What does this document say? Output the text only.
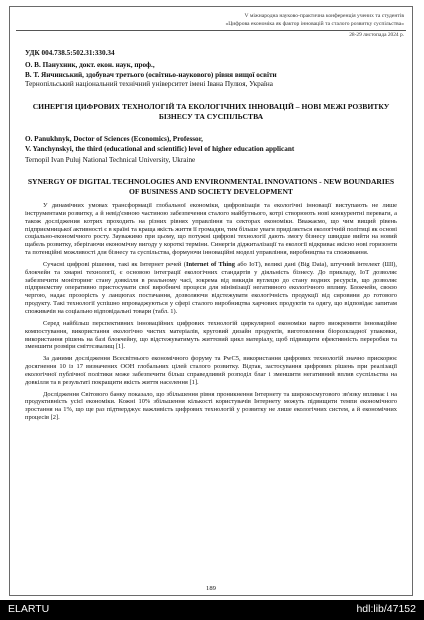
V міжнародна науково-практична конференція учених та студентів
«Цифрова економіка як фактор інновацій та сталого розвитку суспільства»
28-29 листопада 2024 р.
УДК 004.738.5:502.31:330.34
О. В. Панухник, докт. екон. наук, проф.,
В. Т. Янчинський, здобувач третього (освітньо-наукового) рівня вищої освіти
Тернопільський національний технічний університет імені Івана Пулюя, Україна
СИНЕРГІЯ ЦИФРОВИХ ТЕХНОЛОГІЙ ТА ЕКОЛОГІЧНИХ ІННОВАЦІЙ – НОВІ МЕЖІ РОЗВИТКУ БІЗНЕСУ ТА СУСПІЛЬСТВА
O. Panukhnyk, Doctor of Sciences (Economics), Professor,
V. Yanchynskyi, the third (educational and scientific) level of higher education applicant
Ternopil Ivan Puluj National Technical University, Ukraine
SYNERGY OF DIGITAL TECHNOLOGIES AND ENVIRONMENTAL INNOVATIONS - NEW BOUNDARIES OF BUSINESS AND SOCIETY DEVELOPMENT

У динамічних умовах трансформації глобальної економіки, цифровізація та екологічні інновації виступають не лише інструментами розвитку, а й невід'ємною частиною забезпечення сталого майбутнього, котрі створюють нові конкурентні переваги, а також досліджения котрих проходить на різних рівнях управління та секторах економіки. Вважаємо, що чим вищий рівень підприємницької активності є в країні та краща якість життя її громадян, тим більше уваги приділяється екологічній політиці як основі соціально-економічного росту. Зауважимо при цьому, що потужні цифрові технології дають змогу бізнесу швидше вийти на новий щабель розвитку, зберігаючи економічну вигоду у короткі терміни. Синергія діджиталізації та екології відкриває якісно нові горизонти та потенційні можливості для бізнесу та суспільства, формуючи інноваційні моделі управління, виробництва та споживання.

Сучасні цифрові рішення, такі як Інтернет речей (Internet of Thing або IoT), великі дані (Big Data), штучний інтелект (ШІ), блокчейн та хмарні технології, є основою інтеграції екологічних стандартів у діяльність бізнесу. До прикладу, IoT дозволяє забезпечити моніторинг стану довкілля в реальному часі, зокрема від викидів вуглецю до стану водних ресурсів, що дозволяє підприємству оперативно пристосувати свої виробничі процеси для мінімізації негативного екологічного впливу. Блокчейн, своєю чергою, надає прозорість у ланцюгах постачання, дозволяючи відстежувати екологічність продукції від сировини до готового продукту. Такі технології успішно впроваджуються у сфері сталого виробництва харчових продуктів та одягу, що відповідає запитам споживачів на соціально відповідальні товари (табл. 1).

Серед найбільш перспективних інноваційних цифрових технологій циркулярної економіки варто виокремити інноваційне компостування, використання екологічно чистих матеріалів, круговий дизайн продуктів, виготовлення біорозкладної упаковки, використання рішень на базі блокчейну, що відстежуватимуть життєвий цикл матеріалу, щоб підвищити ефективність переробки та зменшити розміри сміттєзвалищ [1].

За даними дослідження Всесвітнього економічного форуму та PwC5, використання цифрових технологій значно прискорює досягнення 10 із 17 визначених ООН глобальних цілей сталого розвитку. Відтак, застосування цифрових рішень при реалізації екологічної публічної політики може забезпечити більш справедливий розподіл благ і зменшити негативний вплив суспільства на довкілля та в результаті покращити якість життя населення [1].

Дослідження Світового банку показало, що збільшення рівня проникнення Інтернету та широкосмугового зв'язку впливає і на продуктивність усієї економіки. Кожні 10% збільшення кількості користувачів Інтернету можуть підвищити темпи економічного зростання на 1%, що ще раз підтверджує важливість цифрових технологій у розвитку не лише екологічних систем, а й економічних процесів [2].

189
ELARTU	hdl:lib/47152
